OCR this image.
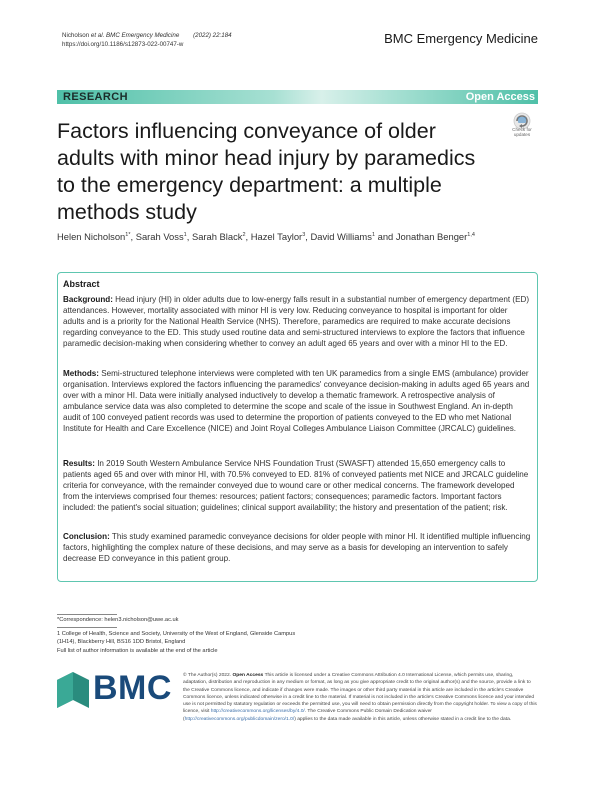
Nicholson et al. BMC Emergency Medicine (2022) 22:184
https://doi.org/10.1186/s12873-022-00747-w	BMC Emergency Medicine
RESEARCH	Open Access
Factors influencing conveyance of older adults with minor head injury by paramedics to the emergency department: a multiple methods study
Check for
updates
Helen Nicholson$^{1*}$, Sarah Voss$^1$, Sarah Black$^2$, Hazel Taylor$^3$, David Williams$^1$ and Jonathan Benger$^{1,4}$
Abstract
Background: Head injury (HI) in older adults due to low-energy falls result in a substantial number of emergency department (ED) attendances. However, mortality associated with minor HI is very low. Reducing conveyance to hospital is important for older adults and is a priority for the National Health Service (NHS). Therefore, paramedics are required to make accurate decisions regarding conveyance to the ED. This study used routine data and semi-structured interviews to explore the factors that influence paramedic decision-making when considering whether to convey an adult aged 65 years and over with a minor HI to the ED.
Methods: Semi-structured telephone interviews were completed with ten UK paramedics from a single EMS (ambulance) provider organisation. Interviews explored the factors influencing the paramedics' conveyance decision-making in adults aged 65 years and over with a minor HI. Data were initially analysed inductively to develop a thematic framework. A retrospective analysis of ambulance service data was also completed to determine the scope and scale of the issue in Southwest England. An in-depth audit of 100 conveyed patient records was used to determine the proportion of patients conveyed to the ED who met National Institute for Health and Care Excellence (NICE) and Joint Royal Colleges Ambulance Liaison Committee (JRCALC) guidelines.
Results: In 2019 South Western Ambulance Service NHS Foundation Trust (SWASFT) attended 15,650 emergency calls to patients aged 65 and over with minor HI, with 70.5% conveyed to ED. 81% of conveyed patients met NICE and JRCALC guideline criteria for conveyance, with the remainder conveyed due to wound care or other medical concerns. The framework developed from the interviews comprised four themes: resources; patient factors; consequences; paramedic factors. Important factors included: the patient's social situation; guidelines; clinical support availability; the history and presentation of the patient; risk.
Conclusion: This study examined paramedic conveyance decisions for older people with minor HI. It identified multiple influencing factors, highlighting the complex nature of these decisions, and may serve as a basis for developing an intervention to safely decrease ED conveyance in this patient group.
*Correspondence: helen3.nicholson@uwe.ac.uk
1 College of Health, Science and Society, University of the West of England, Glenside Campus (1H14), Blackberry Hill, BS16 1DD Bristol, England
Full list of author information is available at the end of the article
BMC © The Author(s) 2022. Open Access This article is licensed under a Creative Commons Attribution 4.0 International License, which permits use, sharing, adaptation, distribution and reproduction in any medium or format, as long as you give appropriate credit to the original author(s) and the source, provide a link to the Creative Commons licence, and indicate if changes were made. The images or other third party material in this article are included in the article's Creative Commons licence, unless indicated otherwise in a credit line to the material. If material is not included in the article's Creative Commons licence and your intended use is not permitted by statutory regulation or exceeds the permitted use, you will need to obtain permission directly from the copyright holder. To view a copy of this licence, visit http://creativecommons.org/licenses/by/4.0/. The Creative Commons Public Domain Dedication waiver (http://creativecommons.org/publicdomain/zero/1.0/) applies to the data made available in this article, unless otherwise stated in a credit line to the data.
